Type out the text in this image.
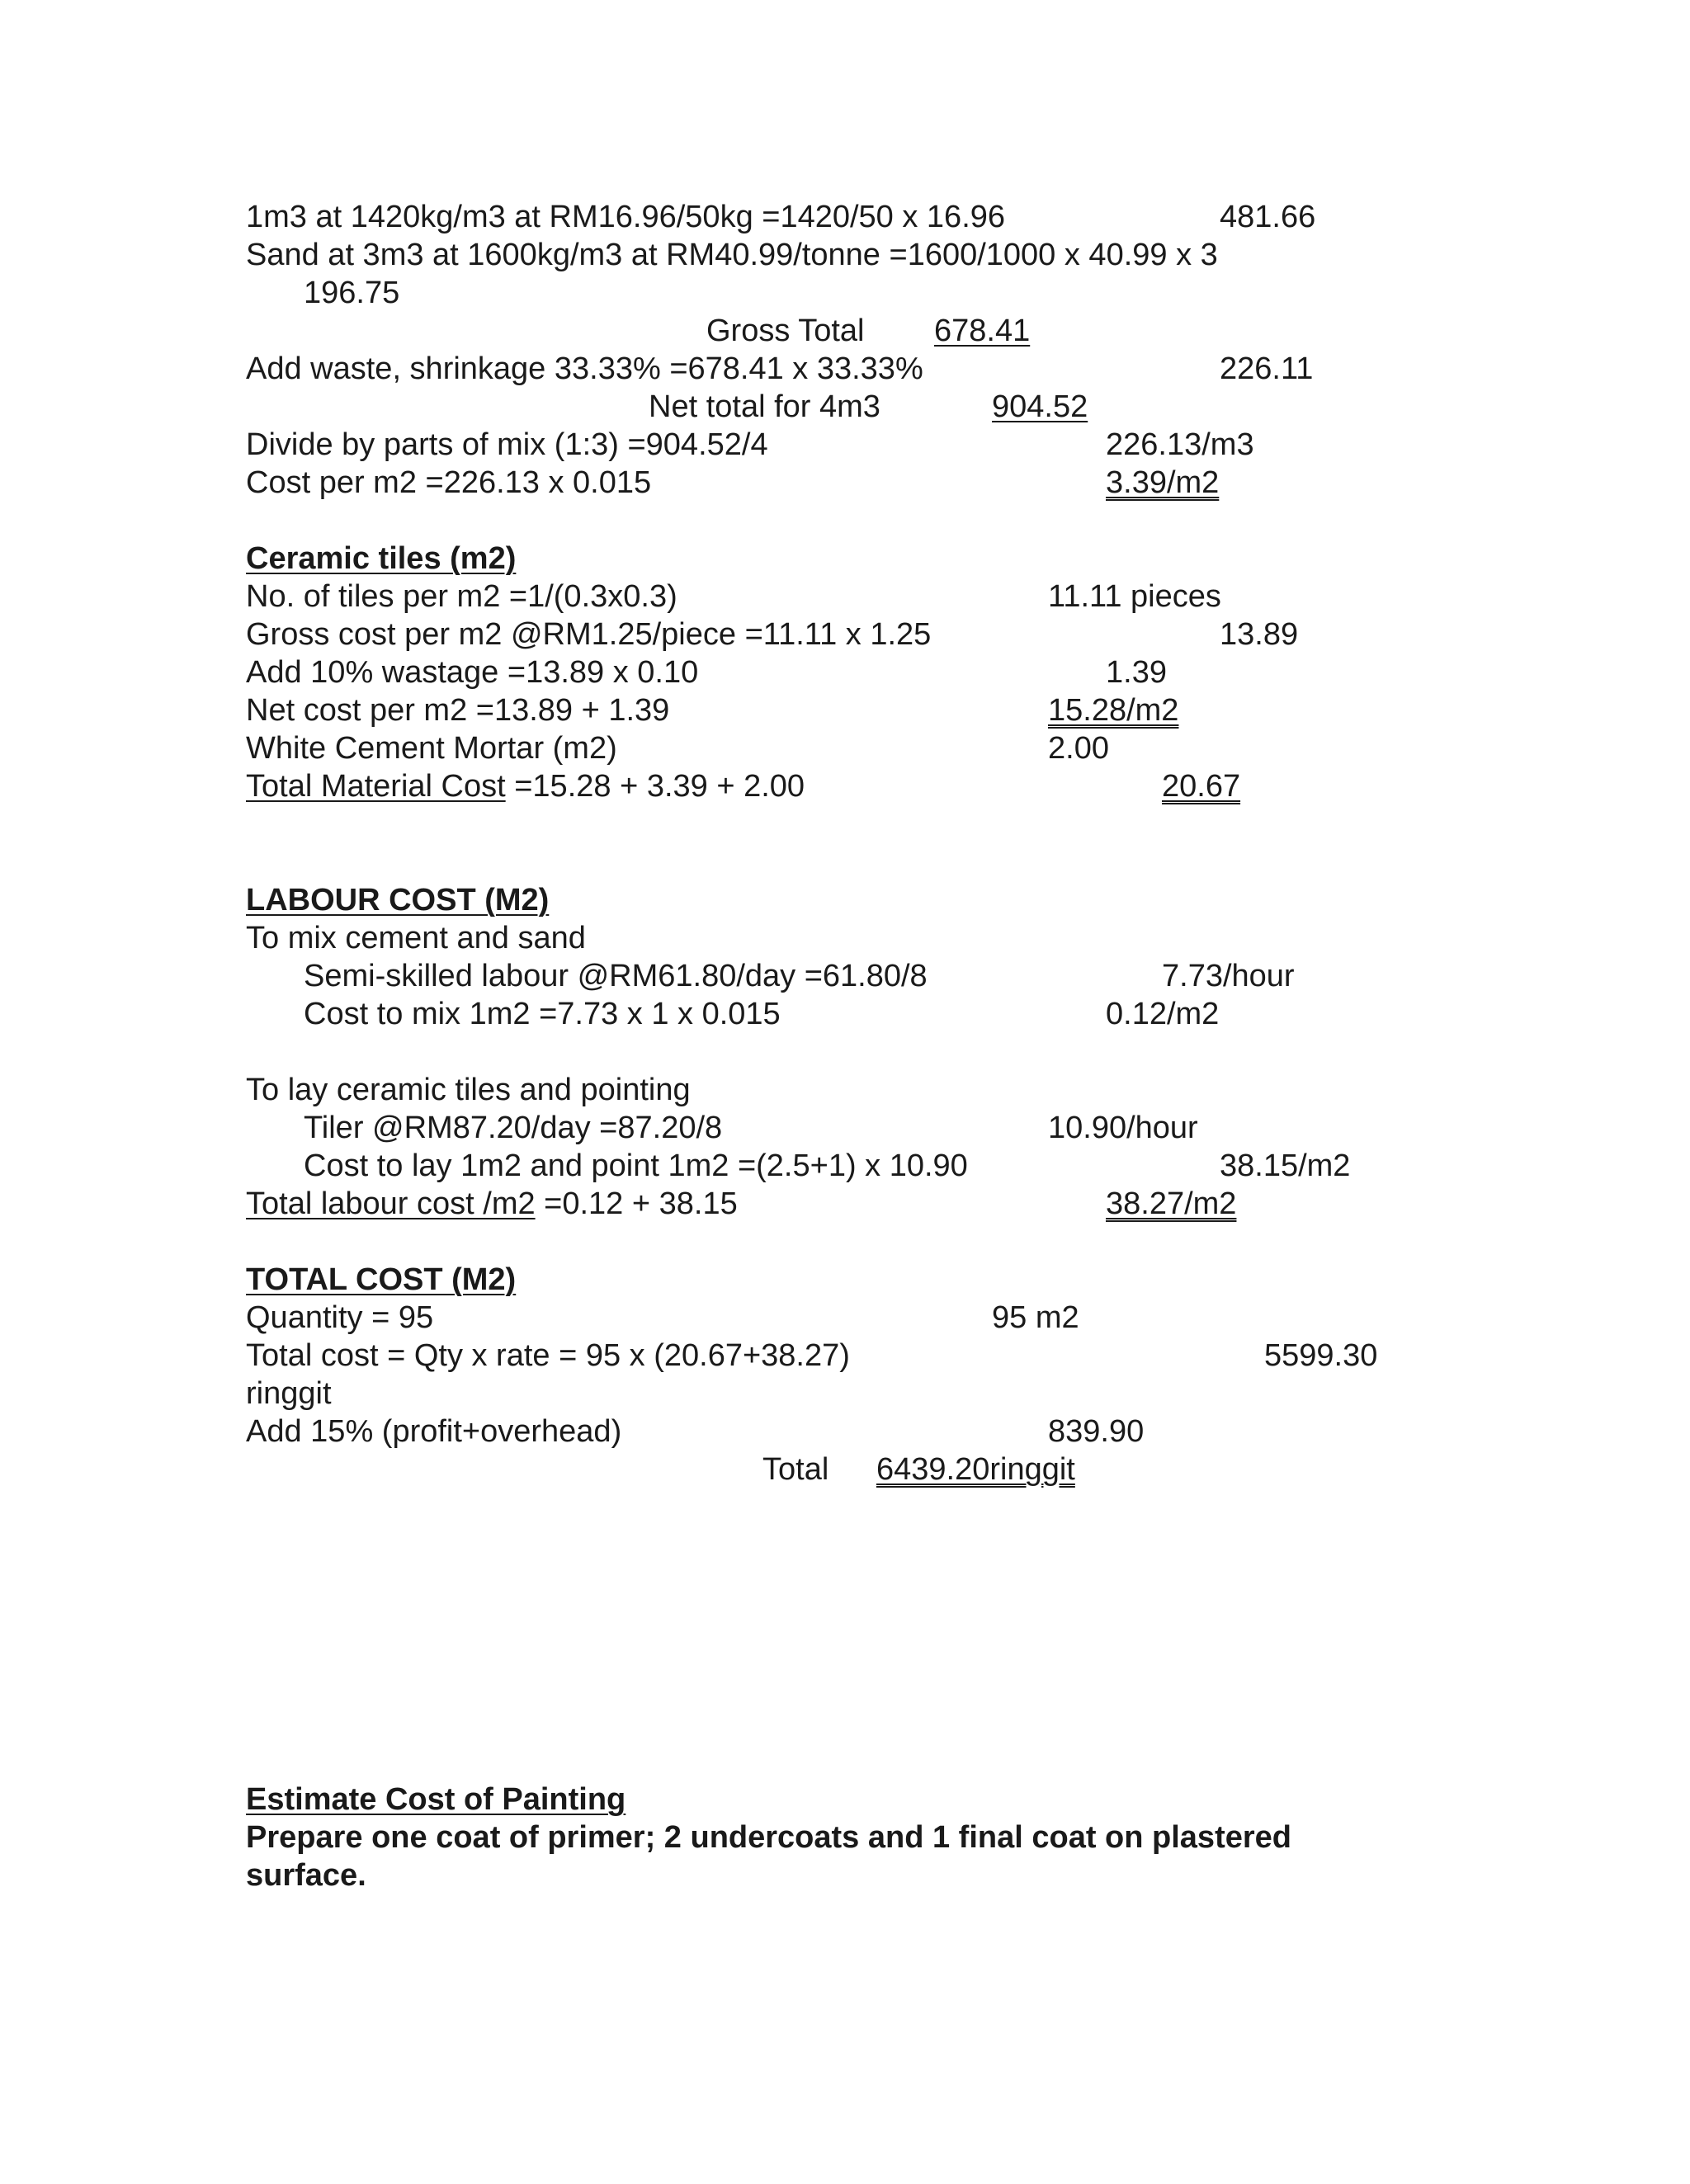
1m3 at 1420kg/m3 at RM16.96/50kg =1420/50 x 16.96	481.66
Sand at 3m3 at 1600kg/m3 at RM40.99/tonne =1600/1000 x 40.99 x 3
196.75
Gross Total 678.41
Add waste, shrinkage 33.33% =678.41 x 33.33%	226.11
Net total for 4m3	904.52
Divide by parts of mix (1:3) =904.52/4	226.13/m3
Cost per m2 =226.13 x 0.015	3.39/m2
Ceramic tiles (m2)
No. of tiles per m2 =1/(0.3x0.3)	11.11 pieces
Gross cost per m2 @RM1.25/piece =11.11 x 1.25	13.89
Add 10% wastage =13.89 x 0.10	1.39
Net cost per m2 =13.89 + 1.39	15.28/m2
White Cement Mortar (m2)	2.00
Total Material Cost =15.28 + 3.39 + 2.00	20.67
LABOUR COST (M2)
To mix cement and sand
Semi-skilled labour @RM61.80/day =61.80/8	7.73/hour
Cost to mix 1m2 =7.73 x 1 x 0.015	0.12/m2
To lay ceramic tiles and pointing
Tiler @RM87.20/day =87.20/8	10.90/hour
Cost to lay 1m2 and point 1m2 =(2.5+1) x 10.90	38.15/m2
Total labour cost /m2 =0.12 + 38.15	38.27/m2
TOTAL COST (M2)
Quantity = 95	95 m2
Total cost = Qty x rate = 95 x (20.67+38.27)	5599.30
ringgit
Add 15% (profit+overhead)	839.90
Total 6439.20ringgit
Estimate Cost of Painting
Prepare one coat of primer; 2 undercoats and 1 final coat on plastered
surface.
